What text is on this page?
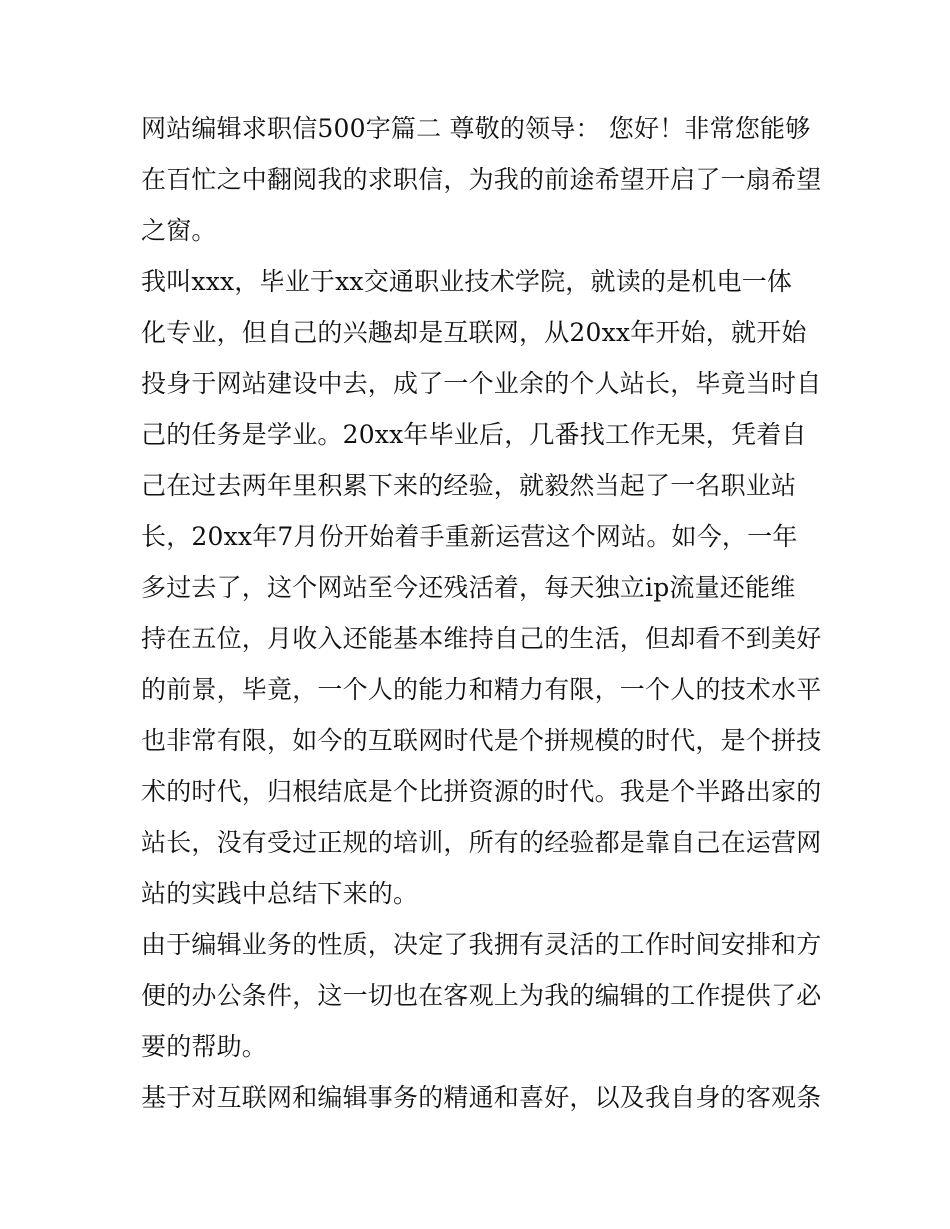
网站编辑求职信500字篇二 尊敬的领导： 您好！非常您能够
在百忙之中翻阅我的求职信，为我的前途希望开启了一扇希望
之窗。
我叫xxx，毕业于xx交通职业技术学院，就读的是机电一体
化专业，但自己的兴趣却是互联网，从20xx年开始，就开始
投身于网站建设中去，成了一个业余的个人站长，毕竟当时自
己的任务是学业。20xx年毕业后，几番找工作无果，凭着自
己在过去两年里积累下来的经验，就毅然当起了一名职业站
长，20xx年7月份开始着手重新运营这个网站。如今，一年
多过去了，这个网站至今还残活着，每天独立ip流量还能维
持在五位，月收入还能基本维持自己的生活，但却看不到美好
的前景，毕竟，一个人的能力和精力有限，一个人的技术水平
也非常有限，如今的互联网时代是个拼规模的时代，是个拼技
术的时代，归根结底是个比拼资源的时代。我是个半路出家的
站长，没有受过正规的培训，所有的经验都是靠自己在运营网
站的实践中总结下来的。
由于编辑业务的性质，决定了我拥有灵活的工作时间安排和方
便的办公条件，这一切也在客观上为我的编辑的工作提供了必
要的帮助。
基于对互联网和编辑事务的精通和喜好，以及我自身的客观条
